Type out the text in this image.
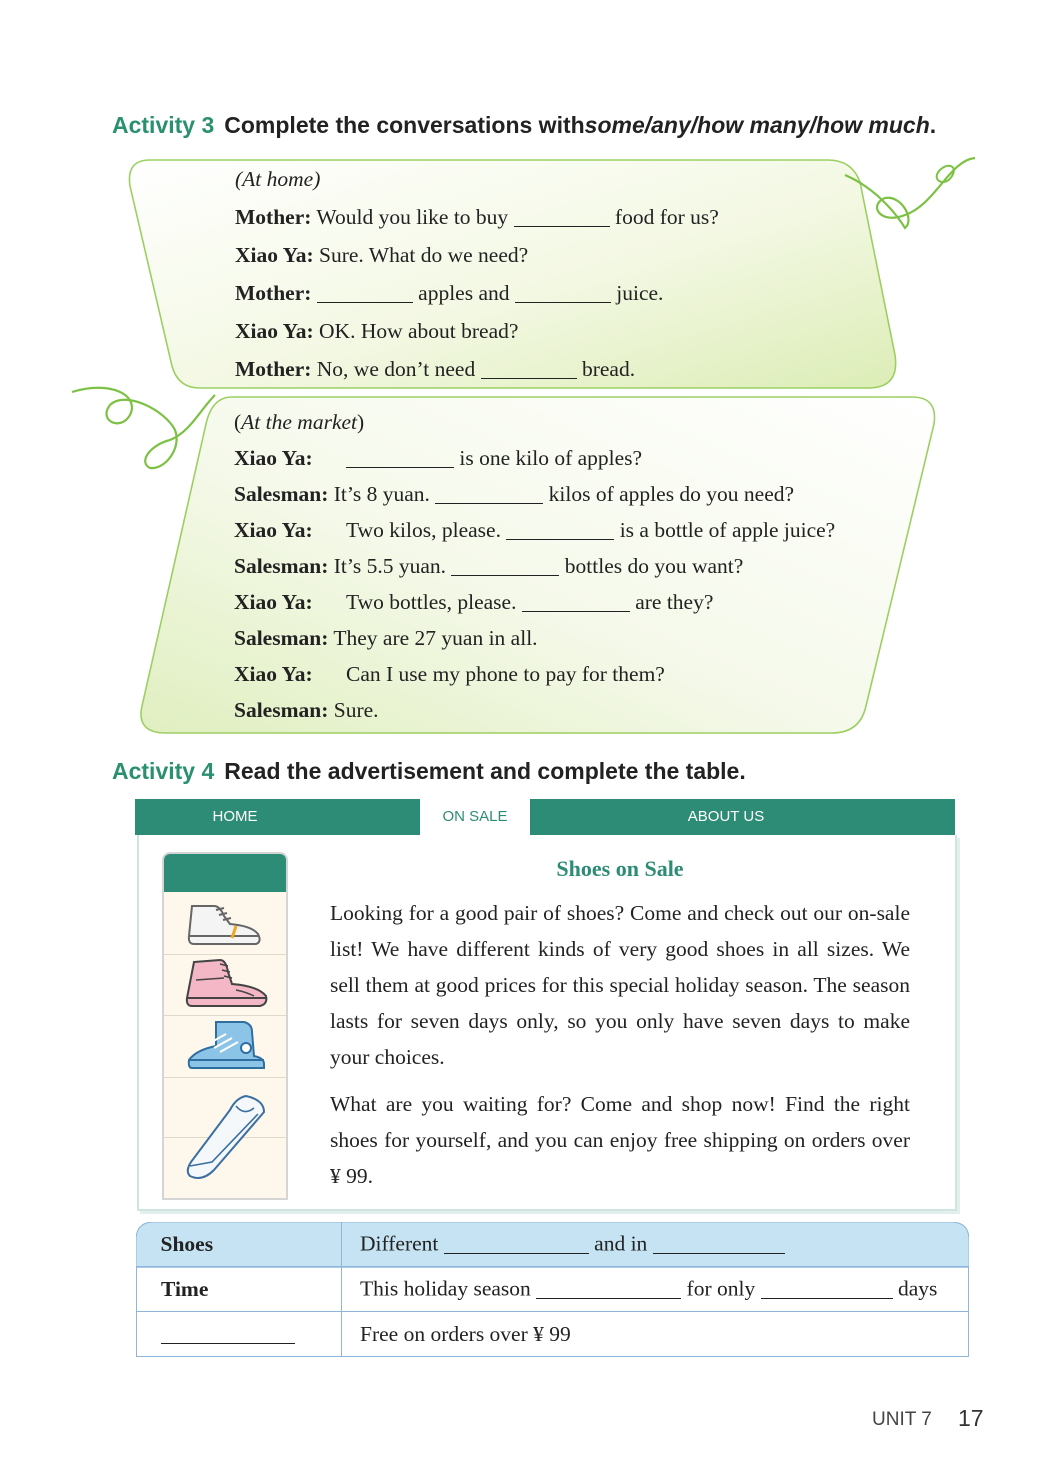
Activity 3 Complete the conversations withsome/any/how many/how much.
(At home)
Mother: Would you like to buy	food for us?
Xiao Ya: Sure. What do we need?
Mother:	apples and	juice.
Xiao Ya: OK. How about bread?
Mother: No, we don’t need	bread.
(At the market)
Xiao Ya:	is one kilo of apples?
Salesman: It’s 8 yuan.	kilos of apples do you need?
Xiao Ya: Two kilos, please.	is a bottle of apple juice?
Salesman: It’s 5.5 yuan.	bottles do you want?
Xiao Ya: Two bottles, please.	are they?
Salesman: They are 27 yuan in all.
Xiao Ya: Can I use my phone to pay for them?
Salesman: Sure.
Activity 4 Read the advertisement and complete the table.
HOME	ON SALE	ABOUT US
Shoes on Sale
Looking for a good pair of shoes? Come and check out our on-sale list! We have different kinds of very good shoes in all sizes. We sell them at good prices for this special holiday season. The season lasts for seven days only, so you only have seven days to make your choices.
What are you waiting for? Come and shop now! Find the right shoes for yourself, and you can enjoy free shipping on orders over ¥ 99.
Shoes	Different and in
Time	This holiday season for only days
	Free on orders over ¥ 99
UNIT 7 17
